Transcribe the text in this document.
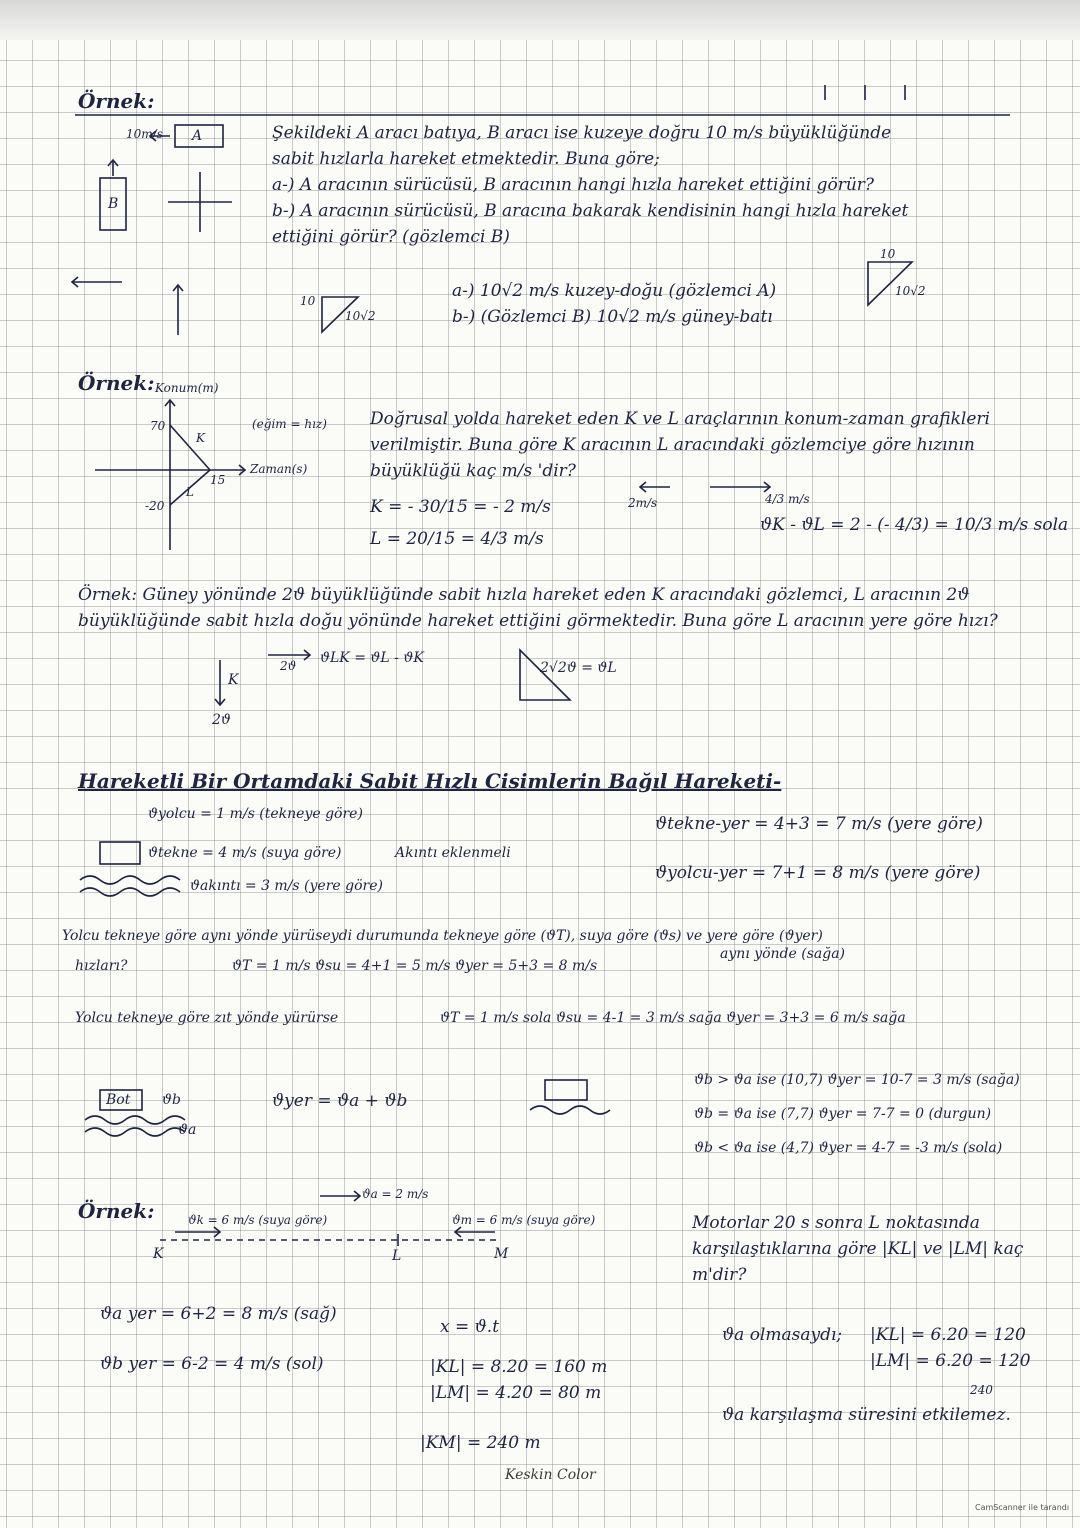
Örnek:
10m/s A
B
Şekildeki A aracı batıya, B aracı ise kuzeye doğru 10 m/s büyüklüğünde
sabit hızlarla hareket etmektedir. Buna göre;
a-) A aracının sürücüsü, B aracının hangi hızla hareket ettiğini görür?
b-) A aracının sürücüsü, B aracına bakarak kendisinin hangi hızla hareket
ettiğini görür? (gözlemci B)
10
10√2
a-) 10√2 m/s kuzey-doğu (gözlemci A)
b-) (Gözlemci B) 10√2 m/s güney-batı
10
10√2
Örnek: Konum(m)
Zaman(s)
(eğim = hız)
70
-20
15
K
L
Doğrusal yolda hareket eden K ve L araçlarının konum-zaman grafikleri
verilmiştir. Buna göre K aracının L aracındaki gözlemciye göre hızının
büyüklüğü kaç m/s 'dir?
K = - 30/15 = - 2 m/s
L = 20/15 = 4/3 m/s
2m/s	4/3 m/s
ϑK - ϑL = 2 - (- 4/3) = 10/3 m/s sola
Örnek: Güney yönünde 2ϑ büyüklüğünde sabit hızla hareket eden K aracındaki gözlemci, L aracının 2ϑ
büyüklüğünde sabit hızla doğu yönünde hareket ettiğini görmektedir. Buna göre L aracının yere göre hızı?
K
2ϑ
2ϑ ϑLK = ϑL - ϑK
2√2ϑ = ϑL
Hareketli Bir Ortamdaki Sabit Hızlı Cisimlerin Bağıl Hareketi-
ϑyolcu = 1 m/s (tekneye göre)
ϑtekne = 4 m/s (suya göre)	Akıntı eklenmeli
ϑakıntı = 3 m/s (yere göre)
ϑtekne-yer = 4+3 = 7 m/s (yere göre)
ϑyolcu-yer = 7+1 = 8 m/s (yere göre)
Yolcu tekneye göre aynı yönde yürüseydi durumunda tekneye göre (ϑT), suya göre (ϑs) ve yere göre (ϑyer)
hızları?	ϑT = 1 m/s ϑsu = 4+1 = 5 m/s ϑyer = 5+3 = 8 m/s
aynı yönde (sağa)
Yolcu tekneye göre zıt yönde yürürse	ϑT = 1 m/s sola ϑsu = 4-1 = 3 m/s sağa ϑyer = 3+3 = 6 m/s sağa
Bot ϑb
ϑa
ϑyer = ϑa + ϑb
ϑb > ϑa ise (10,7) ϑyer = 10-7 = 3 m/s (sağa)
ϑb = ϑa ise (7,7) ϑyer = 7-7 = 0 (durgun)
ϑb < ϑa ise (4,7) ϑyer = 4-7 = -3 m/s (sola)
Örnek:
ϑa = 2 m/s
ϑk = 6 m/s (suya göre)	ϑm = 6 m/s (suya göre)
K	L	M
Motorlar 20 s sonra L noktasında
karşılaştıklarına göre |KL| ve |LM| kaç
m'dir?
ϑa yer = 6+2 = 8 m/s (sağ)
ϑb yer = 6-2 = 4 m/s (sol)
x = ϑ.t
|KL| = 8.20 = 160 m
|LM| = 4.20 = 80 m
|KM| = 240 m
ϑa olmasaydı; |KL| = 6.20 = 120
|LM| = 6.20 = 120
240
ϑa karşılaşma süresini etkilemez.
Keskin Color
CamScanner ile tarandı
